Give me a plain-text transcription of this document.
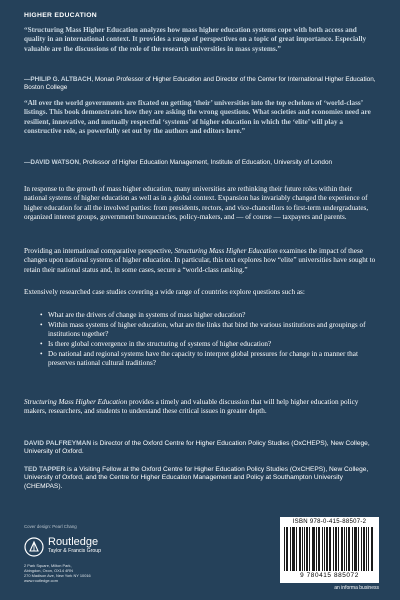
HIGHER EDUCATION
“Structuring Mass Higher Education analyzes how mass higher education systems cope with both access and quality in an international context. It provides a range of perspectives on a topic of great importance. Especially valuable are the discussions of the role of the research universities in mass systems.”
—PHILIP G. ALTBACH, Monan Professor of Higher Education and Director of the Center for International Higher Education, Boston College
“All over the world governments are fixated on getting ‘their’ universities into the top echelons of ‘world-class’ listings. This book demonstrates how they are asking the wrong questions. What societies and economies need are resilient, innovative, and mutually respectful ‘systems’ of higher education in which the ‘elite’ will play a constructive role, as powerfully set out by the authors and editors here.”
—DAVID WATSON, Professor of Higher Education Management, Institute of Education, University of London
In response to the growth of mass higher education, many universities are rethinking their future roles within their national systems of higher education as well as in a global context. Expansion has invariably changed the experience of higher education for all the involved parties: from presidents, rectors, and vice-chancellors to first-term undergraduates, organized interest groups, government bureaucracies, policy-makers, and — of course — taxpayers and parents.
Providing an international comparative perspective, Structuring Mass Higher Education examines the impact of these changes upon national systems of higher education. In particular, this text explores how “elite” universities have sought to retain their national status and, in some cases, secure a “world-class ranking.”
Extensively researched case studies covering a wide range of countries explore questions such as:
• What are the drivers of change in systems of mass higher education?
• Within mass systems of higher education, what are the links that bind the various institutions and groupings of institutions together?
• Is there global convergence in the structuring of systems of higher education?
• Do national and regional systems have the capacity to interpret global pressures for change in a manner that preserves national cultural traditions?
Structuring Mass Higher Education provides a timely and valuable discussion that will help higher education policy makers, researchers, and students to understand these critical issues in greater depth.
DAVID PALFREYMAN is Director of the Oxford Centre for Higher Education Policy Studies (OxCHEPS), New College, University of Oxford.
TED TAPPER is a Visiting Fellow at the Oxford Centre for Higher Education Policy Studies (OxCHEPS), New College, University of Oxford, and the Centre for Higher Education Management and Policy at Southampton University (CHEMPAS).
Cover design: Pearl Chang
Routledge
Taylor & Francis Group
2 Park Square, Milton Park,
Abingdon, Oxon, OX14 4RN
270 Madison Ave, New York NY 10016
www.routledge.com
ISBN 978-0-415-88507-2
9 780415 885072
an informa business
